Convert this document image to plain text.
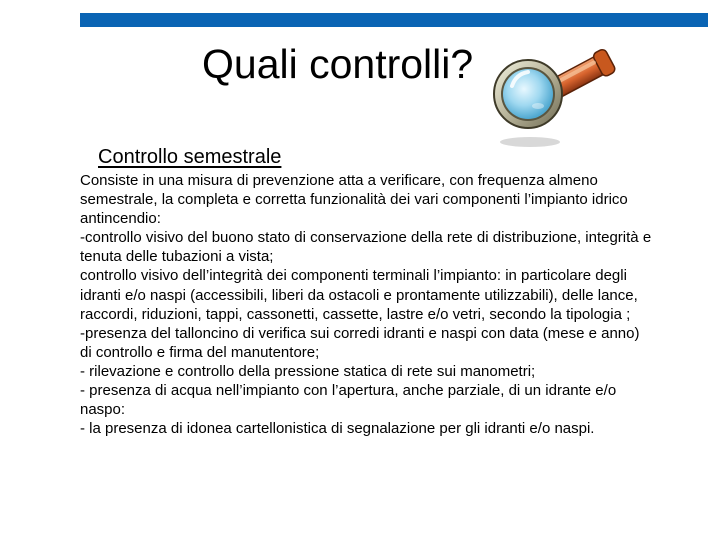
Quali controlli?
Controllo semestrale
Consiste in una misura di prevenzione atta a verificare, con frequenza almeno
semestrale, la completa e corretta funzionalità dei vari componenti l’impianto idrico
antincendio:
-controllo visivo del buono stato di conservazione della rete di distribuzione, integrità e
tenuta delle tubazioni a vista;
controllo visivo dell’integrità dei componenti terminali l’impianto: in particolare degli
idranti e/o naspi (accessibili, liberi da ostacoli e prontamente utilizzabili), delle lance,
raccordi, riduzioni, tappi, cassonetti, cassette, lastre e/o vetri, secondo la tipologia ;
-presenza del talloncino di verifica sui corredi idranti e naspi con data (mese e anno)
di controllo e firma del manutentore;
- rilevazione e controllo della pressione statica di rete sui manometri;
- presenza di acqua nell’impianto con l’apertura, anche parziale, di un idrante e/o
naspo:
- la presenza di idonea cartellonistica di segnalazione per gli idranti e/o naspi.
